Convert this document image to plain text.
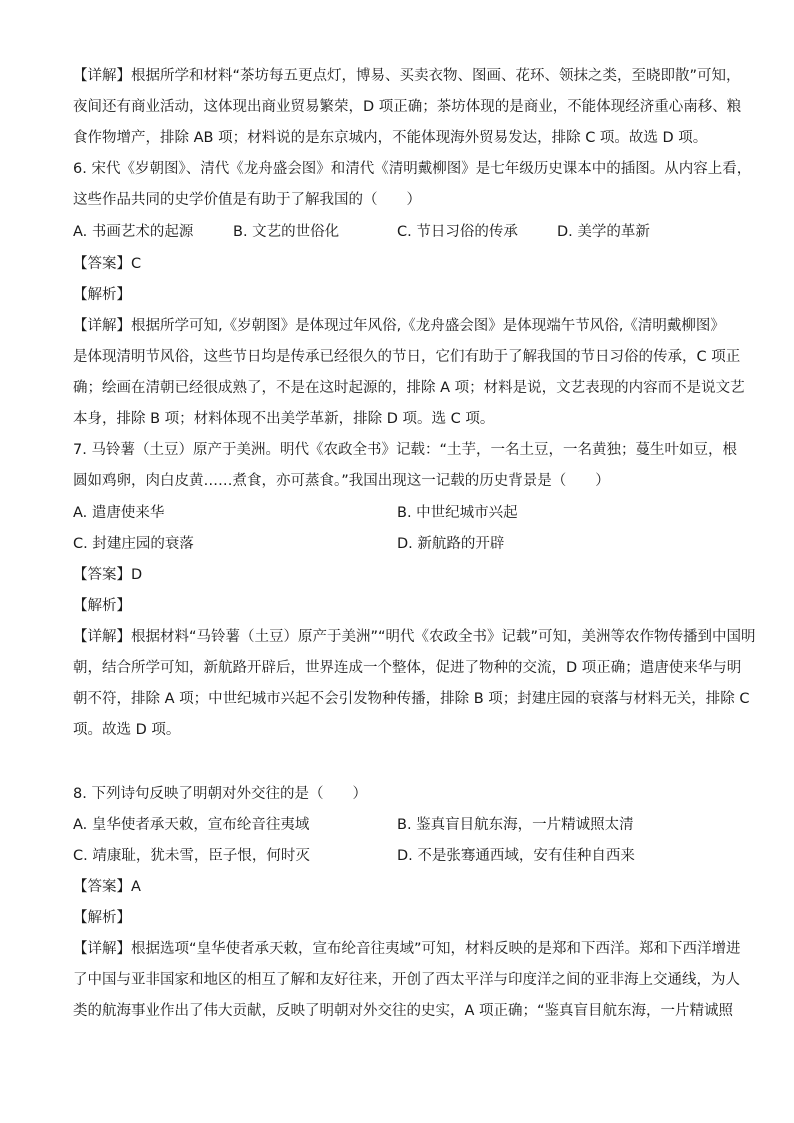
【详解】根据所学和材料“茶坊每五更点灯，博易、买卖衣物、图画、花环、领抹之类，至晓即散”可知，
夜间还有商业活动，这体现出商业贸易繁荣，D 项正确；茶坊体现的是商业，不能体现经济重心南移、粮
食作物增产，排除 AB 项；材料说的是东京城内，不能体现海外贸易发达，排除 C 项。故选 D 项。
6. 宋代《岁朝图》、清代《龙舟盛会图》和清代《清明戴柳图》是七年级历史课本中的插图。从内容上看，
这些作品共同的史学价值是有助于了解我国的（　　）
A. 书画艺术的起源	B. 文艺的世俗化	C. 节日习俗的传承	D. 美学的革新
【答案】C
【解析】
【详解】根据所学可知,《岁朝图》是体现过年风俗,《龙舟盛会图》是体现端午节风俗,《清明戴柳图》
是体现清明节风俗，这些节日均是传承已经很久的节日，它们有助于了解我国的节日习俗的传承，C 项正
确；绘画在清朝已经很成熟了，不是在这时起源的，排除 A 项；材料是说，文艺表现的内容而不是说文艺
本身，排除 B 项；材料体现不出美学革新，排除 D 项。选 C 项。
7. 马铃薯（土豆）原产于美洲。明代《农政全书》记载：“土芋，一名土豆，一名黄独；蔓生叶如豆，根
圆如鸡卵，肉白皮黄……煮食，亦可蒸食。”我国出现这一记载的历史背景是（　　）
A. 遣唐使来华	B. 中世纪城市兴起
C. 封建庄园的衰落	D. 新航路的开辟
【答案】D
【解析】
【详解】根据材料“马铃薯（土豆）原产于美洲”“明代《农政全书》记载”可知，美洲等农作物传播到中国明
朝，结合所学可知，新航路开辟后，世界连成一个整体，促进了物种的交流，D 项正确；遣唐使来华与明
朝不符，排除 A 项；中世纪城市兴起不会引发物种传播，排除 B 项；封建庄园的衰落与材料无关，排除 C
项。故选 D 项。
8. 下列诗句反映了明朝对外交往的是（　　）
A. 皇华使者承天敕，宣布纶音往夷域	B. 鉴真盲目航东海，一片精诚照太清
C. 靖康耻，犹未雪，臣子恨，何时灭	D. 不是张骞通西域，安有佳种自西来
【答案】A
【解析】
【详解】根据选项“皇华使者承天敕，宣布纶音往夷域”可知，材料反映的是郑和下西洋。郑和下西洋增进
了中国与亚非国家和地区的相互了解和友好往来，开创了西太平洋与印度洋之间的亚非海上交通线，为人
类的航海事业作出了伟大贡献，反映了明朝对外交往的史实，A 项正确；“鉴真盲目航东海，一片精诚照
